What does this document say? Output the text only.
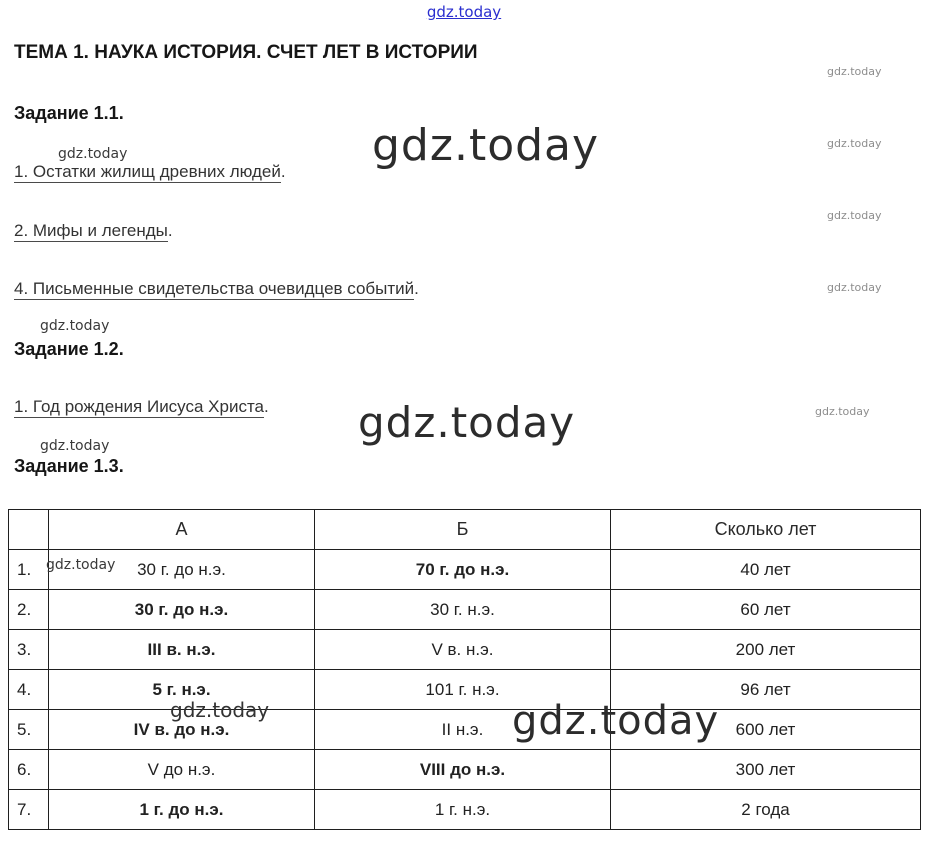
gdz.today
ТЕМА 1. НАУКА ИСТОРИЯ. СЧЕТ ЛЕТ В ИСТОРИИ
gdz.today
gdz.today
gdz.today
gdz.today
gdz.today
Задание 1.1.
gdz.today	gdz.today
1. Остатки жилищ древних людей.
2. Мифы и легенды.
4. Письменные свидетельства очевидцев событий.
gdz.today
Задание 1.2.
1. Год рождения Иисуса Христа. gdz.today
gdz.today
Задание 1.3.
	А	Б	Сколько лет
1.	30 г. до н.э.	70 г. до н.э.	40 лет
2.	30 г. до н.э.	30 г. н.э.	60 лет
3.	III в. н.э.	V в. н.э.	200 лет
4.	5 г. н.э.	101 г. н.э.	96 лет
5.	IV в. до н.э.	II н.э.	600 лет
6.	V до н.э.	VIII до н.э.	300 лет
7.	1 г. до н.э.	1 г. н.э.	2 года
gdz.today
gdz.today	gdz.today
